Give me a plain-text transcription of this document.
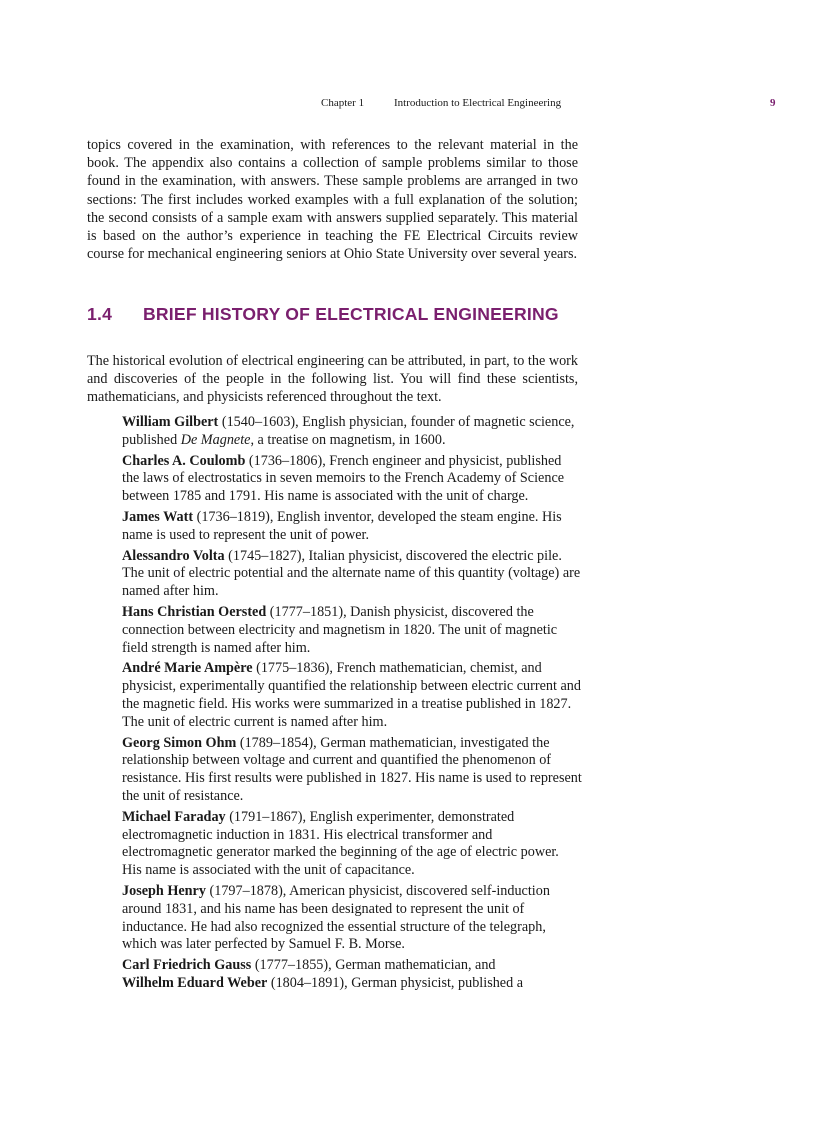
Chapter 1	Introduction to Electrical Engineering	9

topics covered in the examination, with references to the relevant material in the book. The appendix also contains a collection of sample problems similar to those found in the examination, with answers. These sample problems are arranged in two sections: The first includes worked examples with a full explanation of the solution; the second consists of a sample exam with answers supplied separately. This material is based on the author’s experience in teaching the FE Electrical Circuits review course for mechanical engineering seniors at Ohio State University over several years.

1.4 BRIEF HISTORY OF ELECTRICAL ENGINEERING

The historical evolution of electrical engineering can be attributed, in part, to the work and discoveries of the people in the following list. You will find these scientists, mathematicians, and physicists referenced throughout the text.

William Gilbert (1540–1603), English physician, founder of magnetic science, published De Magnete, a treatise on magnetism, in 1600.

Charles A. Coulomb (1736–1806), French engineer and physicist, published the laws of electrostatics in seven memoirs to the French Academy of Science between 1785 and 1791. His name is associated with the unit of charge.

James Watt (1736–1819), English inventor, developed the steam engine. His name is used to represent the unit of power.

Alessandro Volta (1745–1827), Italian physicist, discovered the electric pile. The unit of electric potential and the alternate name of this quantity (voltage) are named after him.

Hans Christian Oersted (1777–1851), Danish physicist, discovered the connection between electricity and magnetism in 1820. The unit of magnetic field strength is named after him.

André Marie Ampère (1775–1836), French mathematician, chemist, and physicist, experimentally quantified the relationship between electric current and the magnetic field. His works were summarized in a treatise published in 1827. The unit of electric current is named after him.

Georg Simon Ohm (1789–1854), German mathematician, investigated the relationship between voltage and current and quantified the phenomenon of resistance. His first results were published in 1827. His name is used to represent the unit of resistance.

Michael Faraday (1791–1867), English experimenter, demonstrated electromagnetic induction in 1831. His electrical transformer and electromagnetic generator marked the beginning of the age of electric power. His name is associated with the unit of capacitance.

Joseph Henry (1797–1878), American physicist, discovered self-induction around 1831, and his name has been designated to represent the unit of inductance. He had also recognized the essential structure of the telegraph, which was later perfected by Samuel F. B. Morse.

Carl Friedrich Gauss (1777–1855), German mathematician, and
Wilhelm Eduard Weber (1804–1891), German physicist, published a
